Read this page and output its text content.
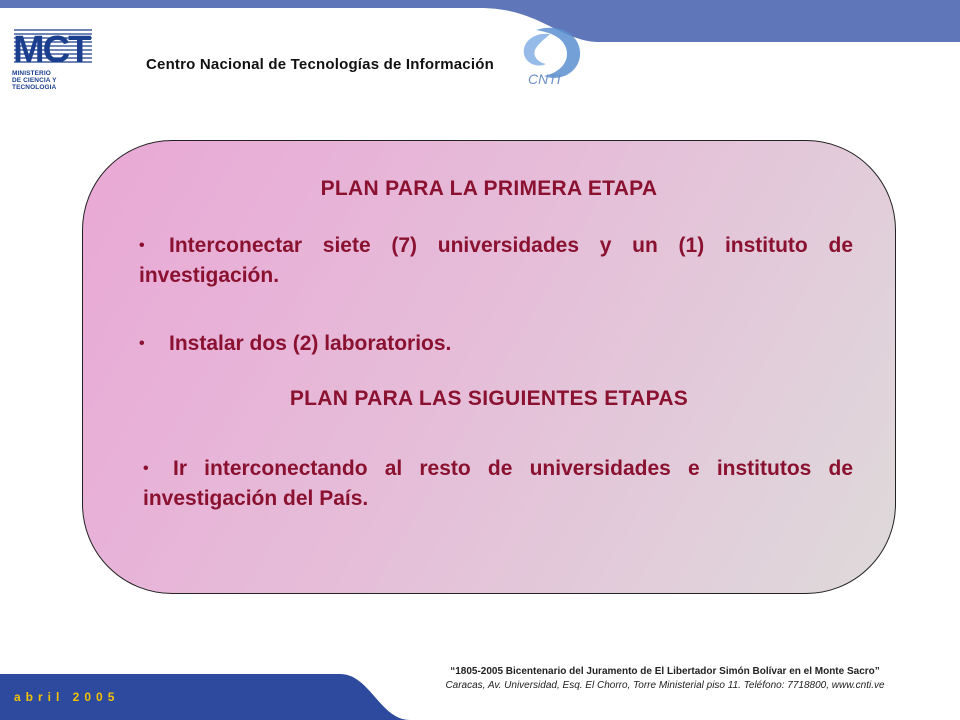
MCT
MINISTERIO
DE CIENCIA Y TECNOLOGIA
Centro Nacional de Tecnologías de Información
CNTI
PLAN PARA LA PRIMERA ETAPA
• Interconectar siete (7) universidades y un (1) instituto de investigación.
• Instalar dos (2) laboratorios.
PLAN PARA LAS SIGUIENTES ETAPAS
• Ir interconectando al resto de universidades e institutos de investigación del País.
abril 2005
“1805-2005 Bicentenario del Juramento de El Libertador Simón Bolívar en el Monte Sacro”
Caracas, Av. Universidad, Esq. El Chorro, Torre Ministerial piso 11. Teléfono: 7718800, www.cnti.ve
